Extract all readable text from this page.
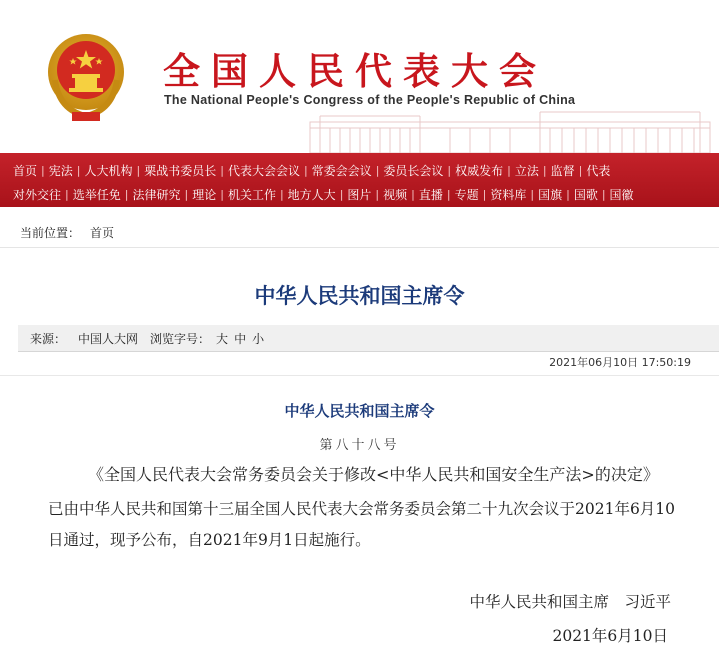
全国人民代表大会
The National People's Congress of the People's Republic of China
首页 | 宪法 | 人大机构 | 栗战书委员长 | 代表大会会议 | 常委会会议 | 委员长会议 | 权威发布 | 立法 | 监督 | 代表
对外交往 | 选举任免 | 法律研究 | 理论 | 机关工作 | 地方人大 | 图片 | 视频 | 直播 | 专题 | 资料库 | 国旗 | 国歌 | 国徽
当前位置： 首页
中华人民共和国主席令
来源： 中国人大网 浏览字号： 大 中 小
2021年06月10日 17:50:19
中华人民共和国主席令
第八十八号
《全国人民代表大会常务委员会关于修改<中华人民共和国安全生产法>的决定》
已由中华人民共和国第十三届全国人民代表大会常务委员会第二十九次会议于2021年6月10日通过，现予公布，自2021年9月1日起施行。
中华人民共和国主席　习近平
2021年6月10日
